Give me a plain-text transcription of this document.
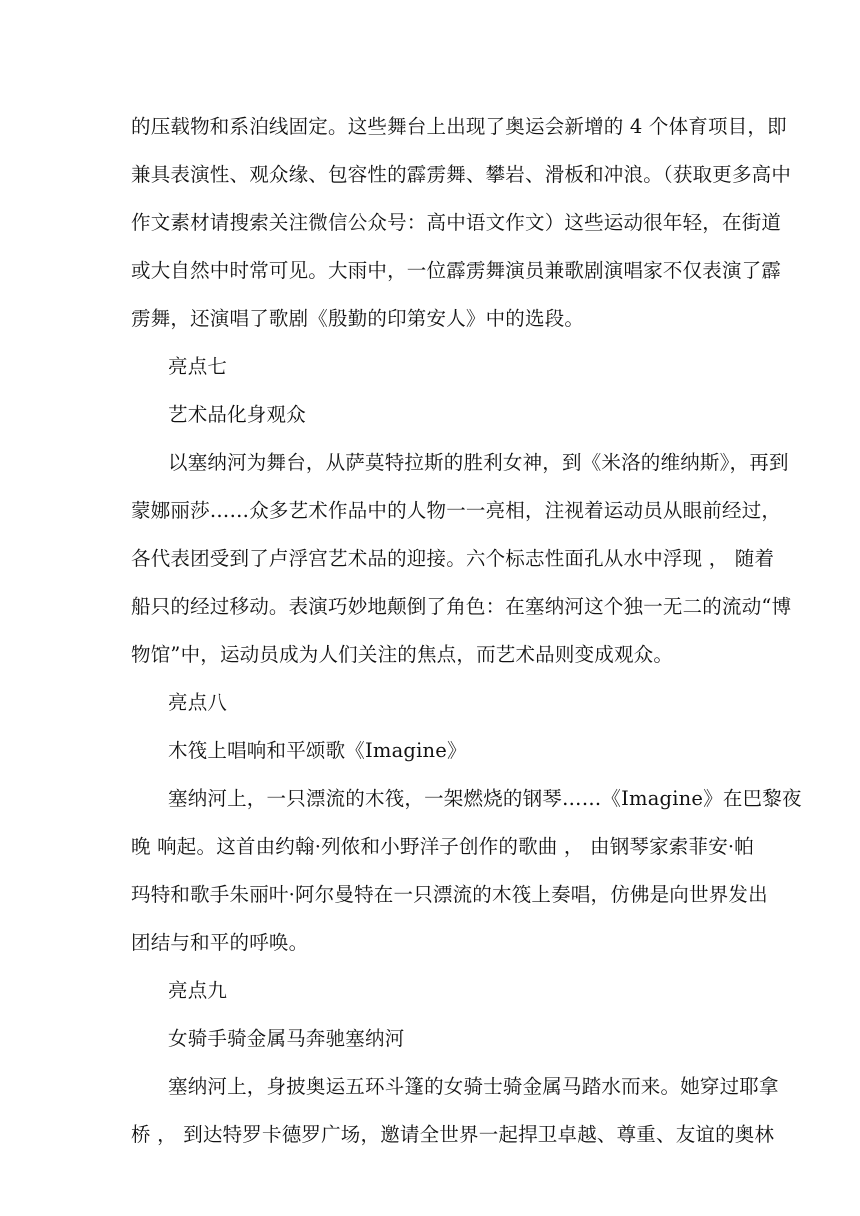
的压载物和系泊线固定。这些舞台上出现了奥运会新增的 4 个体育项目，即
兼具表演性、观众缘、包容性的霹雳舞、攀岩、滑板和冲浪。（获取更多高中
作文素材请搜索关注微信公众号：高中语文作文）这些运动很年轻，在街道
或大自然中时常可见。大雨中，一位霹雳舞演员兼歌剧演唱家不仅表演了霹
雳舞，还演唱了歌剧《殷勤的印第安人》中的选段。
亮点七
艺术品化身观众
以塞纳河为舞台，从萨莫特拉斯的胜利女神，到《米洛的维纳斯》，再到
蒙娜丽莎……众多艺术作品中的人物一一亮相，注视着运动员从眼前经过，
各代表团受到了卢浮宫艺术品的迎接。六个标志性面孔从水中浮现 ， 随着
船只的经过移动。表演巧妙地颠倒了角色：在塞纳河这个独一无二的流动“博
物馆”中，运动员成为人们关注的焦点，而艺术品则变成观众。
亮点八
木筏上唱响和平颂歌《Imagine》
塞纳河上，一只漂流的木筏，一架燃烧的钢琴……《Imagine》在巴黎夜
晚 响起。这首由约翰·列侬和小野洋子创作的歌曲 ， 由钢琴家索菲安·帕
玛特和歌手朱丽叶·阿尔曼特在一只漂流的木筏上奏唱，仿佛是向世界发出
团结与和平的呼唤。
亮点九
女骑手骑金属马奔驰塞纳河
塞纳河上，身披奥运五环斗篷的女骑士骑金属马踏水而来。她穿过耶拿
桥 ， 到达特罗卡德罗广场，邀请全世界一起捍卫卓越、尊重、友谊的奥林
